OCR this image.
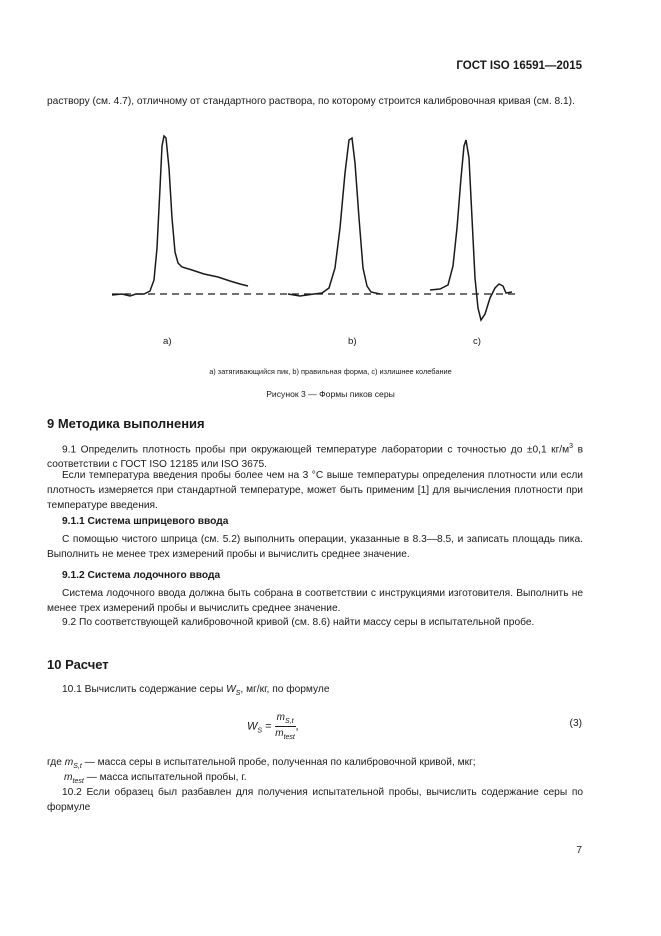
ГОСТ ISO 16591—2015

раствору (см. 4.7), отличному от стандартного раствора, по которому строится калибровочная кривая (см. 8.1).

а)	b)	c)
а) затягивающийся пик, b) правильная форма, с) излишнее колебание
Рисунок 3 — Формы пиков серы
9 Методика выполнения

9.1 Определить плотность пробы при окружающей температуре лаборатории с точностью до ±0,1 $кг/м^3$ в соответствии с ГОСТ ISO 12185 или ISO 3675.

Если температура введения пробы более чем на 3 °С выше температуры определения плотности или если плотность измеряется при стандартной температуре, может быть применим [1] для вычисления плотности при температуре введения.

9.1.1 Система шприцевого ввода

С помощью чистого шприца (см. 5.2) выполнить операции, указанные в 8.3—8.5, и записать площадь пика. Выполнить не менее трех измерений пробы и вычислить среднее значение.

9.1.2 Система лодочного ввода

Система лодочного ввода должна быть собрана в соответствии с инструкциями изготовителя. Выполнить не менее трех измерений пробы и вычислить среднее значение.

9.2 По соответствующей калибровочной кривой (см. 8.6) найти массу серы в испытательной пробе.

10 Расчет

10.1 Вычислить содержание серы $W_S$, мг/кг, по формуле

$W_S = \frac{m_{S,t}}{m_{test}}$ ,	(3)

где $m_{S,t}$ — масса серы в испытательной пробе, полученная по калибровочной кривой, мкг;

$m_{test}$ — масса испытательной пробы, г.

10.2 Если образец был разбавлен для получения испытательной пробы, вычислить содержание серы по формуле

7
